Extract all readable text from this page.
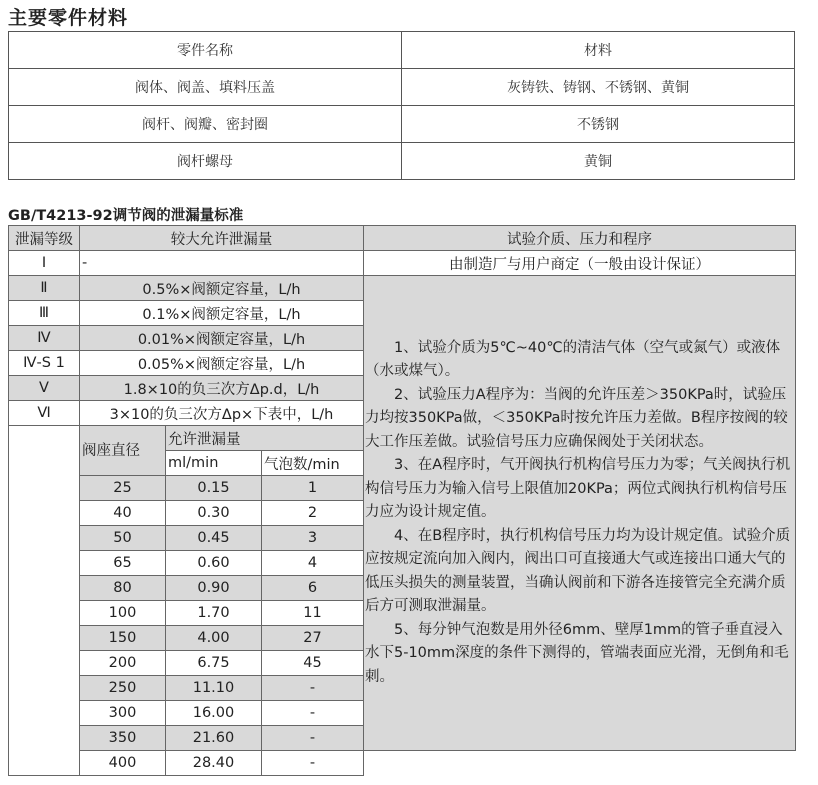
主要零件材料
零件名称	材料
阀体、阀盖、填料压盖	灰铸铁、铸钢、不锈钢、黄铜
阀杆、阀瓣、密封圈	不锈钢
阀杆螺母	黄铜
GB/T4213-92调节阀的泄漏量标准
泄漏等级	较大允许泄漏量			试验介质、压力和程序
Ⅰ	-			由制造厂与用户商定（一般由设计保证）
Ⅱ	0.5%×阀额定容量，L/h			1、试验介质为5℃~40℃的清洁气体（空气或氮气）或液体（水或煤气）。

2、试验压力A程序为：当阀的允许压差＞350KPa时，试验压力均按350KPa做，＜350KPa时按允许压力差做。B程序按阀的较大工作压差做。试验信号压力应确保阀处于关闭状态。

3、在A程序时，气开阀执行机构信号压力为零；气关阀执行机构信号压力为输入信号上限值加20KPa；两位式阀执行机构信号压力应为设计规定值。

4、在B程序时，执行机构信号压力均为设计规定值。试验介质应按规定流向加入阀内，阀出口可直接通大气或连接出口通大气的低压头损失的测量装置，当确认阀前和下游各连接管完全充满介质后方可测取泄漏量。

5、每分钟气泡数是用外径6mm、壁厚1mm的管子垂直浸入水下5-10mm深度的条件下测得的，管端表面应光滑，无倒角和毛刺。

Ⅲ	0.1%×阀额定容量，L/h			
Ⅳ	0.01%×阀额定容量，L/h			
Ⅳ-S 1	0.05%×阀额定容量，L/h			
Ⅴ	1.8×10的负三次方Δp.d，L/h			
Ⅵ	3×10的负三次方Δp×下表中，L/h			
	阀座直径	允许泄漏量		
		ml/min	气泡数/min	
	25	0.15	1	
	40	0.30	2	
	50	0.45	3	
	65	0.60	4	
	80	0.90	6	
	100	1.70	11	
	150	4.00	27	
	200	6.75	45	
	250	11.10	-	
	300	16.00	-	
	350	21.60	-	
	400	28.40	-	
